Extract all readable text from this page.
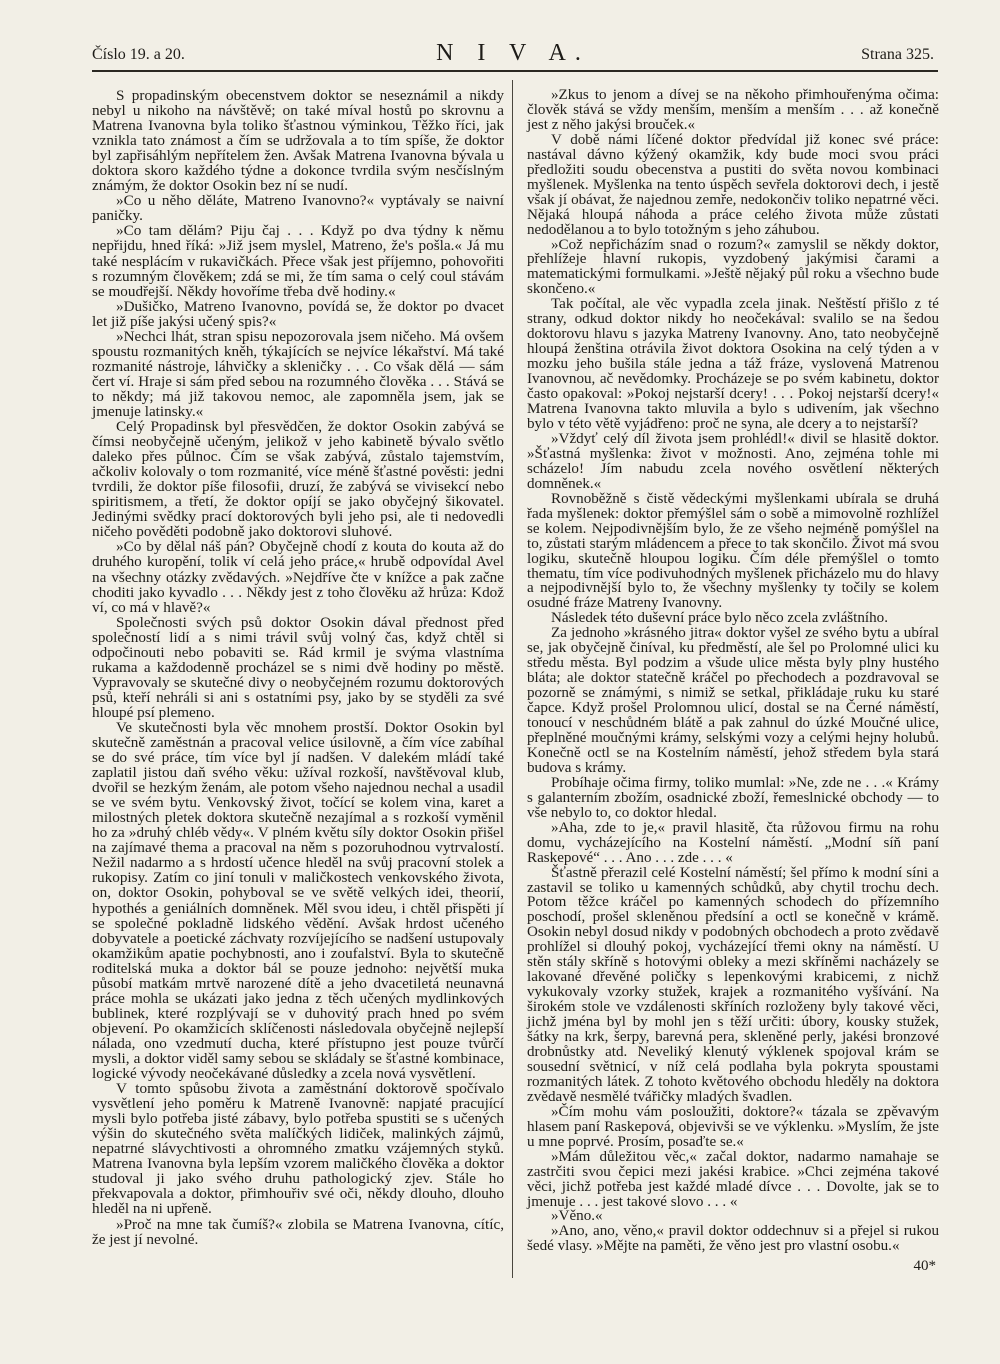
Číslo 19. a 20.	N I V A.	Strana 325.

S propadinským obecenstvem doktor se neseznámil a nikdy nebyl u nikoho na návštěvě; on také míval hostů po skrovnu a Matrena Ivanovna byla toliko šťastnou výminkou, Těžko říci, jak vznikla tato známost a čím se udržovala a to tím spíše, že doktor byl zapřisáhlým nepřítelem žen. Avšak Matrena Ivanovna bývala u doktora skoro každého týdne a dokonce tvrdila svým nesčíslným známým, že doktor Osokin bez ní se nudí.

»Co u něho děláte, Matreno Ivanovno?« vyptávaly se naivní paničky.

»Co tam dělám? Piju čaj . . . Když po dva týdny k němu nepřijdu, hned říká: »Již jsem myslel, Matreno, že's pošla.« Já mu také nesplácím v rukavičkách. Přece však jest příjemno, pohovořiti s rozumným člověkem; zdá se mi, že tím sama o celý coul stávám se moudřejší. Někdy hovoříme třeba dvě hodiny.«

»Dušičko, Matreno Ivanovno, povídá se, že doktor po dvacet let již píše jakýsi učený spis?«

»Nechci lhát, stran spisu nepozorovala jsem ničeho. Má ovšem spoustu rozmanitých kněh, týkajících se nejvíce lékařství. Má také rozmanité nástroje, láhvičky a skleničky . . . Co však dělá — sám čert ví. Hraje si sám před sebou na rozumného člověka . . . Stává se to někdy; má již takovou nemoc, ale zapomněla jsem, jak se jmenuje latinsky.«

Celý Propadinsk byl přesvědčen, že doktor Osokin zabývá se čímsi neobyčejně učeným, jelikož v jeho kabinetě bývalo světlo daleko přes půlnoc. Čím se však zabývá, zůstalo tajemstvím, ačkoliv kolovaly o tom rozmanité, více méně šťastné pověsti: jedni tvrdili, že doktor píše filosofii, druzí, že zabývá se vivisekcí nebo spiritismem, a třetí, že doktor opíjí se jako obyčejný šikovatel. Jedinými svědky prací doktorových byli jeho psi, ale ti nedovedli ničeho pověděti podobně jako doktorovi sluhové.

»Co by dělal náš pán? Obyčejně chodí z kouta do kouta až do druhého kuropění, tolik ví celá jeho práce,« hrubě odpovídal Avel na všechny otázky zvědavých. »Nejdříve čte v knížce a pak začne choditi jako kyvadlo . . . Někdy jest z toho člověku až hrůza: Kdož ví, co má v hlavě?«

Společnosti svých psů doktor Osokin dával přednost před společností lidí a s nimi trávil svůj volný čas, když chtěl si odpočinouti nebo pobaviti se. Rád krmil je svýma vlastníma rukama a každodenně procházel se s nimi dvě hodiny po městě. Vypravovaly se skutečné divy o neobyčejném rozumu doktorových psů, kteří nehráli si ani s ostatními psy, jako by se styděli za své hloupé psí plemeno.

Ve skutečnosti byla věc mnohem prostší. Doktor Osokin byl skutečně zaměstnán a pracoval velice úsilovně, a čím více zabíhal se do své práce, tím více byl jí nadšen. V dalekém mládí také zaplatil jistou daň svého věku: užíval rozkoší, navštěvoval klub, dvořil se hezkým ženám, ale potom všeho najednou nechal a usadil se ve svém bytu. Venkovský život, točící se kolem vina, karet a milostných pletek doktora skutečně nezajímal a s rozkoší vyměnil ho za »druhý chléb vědy«. V plném květu síly doktor Osokin přišel na zajímavé thema a pracoval na něm s pozoruhodnou vytrvalostí. Nežil nadarmo a s hrdostí učence hleděl na svůj pracovní stolek a rukopisy. Zatím co jiní tonuli v maličkostech venkovského života, on, doktor Osokin, pohyboval se ve světě velkých idei, theorií, hypothés a geniálních domněnek. Měl svou ideu, i chtěl přispěti jí se společné pokladně lidského vědění. Avšak hrdost učeného dobyvatele a poetické záchvaty rozvíjejícího se nadšení ustupovaly okamžikům apatie pochybnosti, ano i zoufalství. Byla to skutečně roditelská muka a doktor bál se pouze jednoho: největší muka působí matkám mrtvě narozené dítě a jeho dvacetiletá neunavná práce mohla se ukázati jako jedna z těch učených mydlinkových bublinek, které rozplývají se v duhovitý prach hned po svém objevení. Po okamžicích sklíčenosti následovala obyčejně nejlepší nálada, ono vzedmutí ducha, které přístupno jest pouze tvůrčí mysli, a doktor viděl samy sebou se skládaly se šťastné kombinace, logické vývody neočekávané důsledky a zcela nová vysvětlení.

V tomto spůsobu života a zaměstnání doktorově spočívalo vysvětlení jeho poměru k Matreně Ivanovně: napjaté pracující mysli bylo potřeba jisté zábavy, bylo potřeba spustiti se s učených výšin do skutečného světa malíčkých lidiček, malinkých zájmů, nepatrné slávychtivosti a ohromného zmatku vzájemných styků. Matrena Ivanovna byla lepším vzorem maličkého člověka a doktor studoval ji jako svého druhu pathologický zjev. Stále ho překvapovala a doktor, přimhouřiv své oči, někdy dlouho, dlouho hleděl na ni upřeně.

»Proč na mne tak čumíš?« zlobila se Matrena Ivanovna, cítíc, že jest jí nevolné.

»Zkus to jenom a dívej se na někoho přimhouřenýma očima: člověk stává se vždy menším, menším a menším . . . až konečně jest z něho jakýsi brouček.«

V době námi líčené doktor předvídal již konec své práce: nastával dávno kýžený okamžik, kdy bude moci svou práci předložiti soudu obecenstva a pustiti do světa novou kombinaci myšlenek. Myšlenka na tento úspěch sevřela doktorovi dech, i jestě však jí obávat, že najednou zemře, nedokončiv toliko nepatrné věci. Nějaká hloupá náhoda a práce celého života může zůstati nedodělanou a to bylo totožným s jeho záhubou.

»Což nepřicházím snad o rozum?« zamyslil se někdy doktor, přehlížeje hlavní rukopis, vyzdobený jakýmisi čarami a matematickými formulkami. »Ještě nějaký půl roku a všechno bude skončeno.«

Tak počítal, ale věc vypadla zcela jinak. Neštěstí přišlo z té strany, odkud doktor nikdy ho neočekával: svalilo se na šedou doktorovu hlavu s jazyka Matreny Ivanovny. Ano, tato neobyčejně hloupá ženština otrávila život doktora Osokina na celý týden a v mozku jeho bušila stále jedna a táž fráze, vyslovená Matrenou Ivanovnou, ač nevědomky. Procházeje se po svém kabinetu, doktor často opakoval: »Pokoj nejstarší dcery! . . . Pokoj nejstarší dcery!« Matrena Ivanovna takto mluvila a bylo s udivením, jak všechno bylo v této větě vyjádřeno: proč ne syna, ale dcery a to nejstarší?

»Vždyť celý díl života jsem prohlédl!« divil se hlasitě doktor. »Šťastná myšlenka: život v možnosti. Ano, zejména tohle mi scházelo! Jím nabudu zcela nového osvětlení některých domněnek.«

Rovnoběžně s čistě vědeckými myšlenkami ubírala se druhá řada myšlenek: doktor přemýšlel sám o sobě a mimovolně rozhlížel se kolem. Nejpodivnějším bylo, že ze všeho nejméně pomýšlel na to, zůstati starým mládencem a přece to tak skončilo. Život má svou logiku, skutečně hloupou logiku. Čím déle přemýšlel o tomto thematu, tím více podivuhodných myšlenek přicházelo mu do hlavy a nejpodivnější bylo to, že všechny myšlenky ty točily se kolem osudné fráze Matreny Ivanovny.

Následek této duševní práce bylo něco zcela zvláštního.

Za jednoho »krásného jitra« doktor vyšel ze svého bytu a ubíral se, jak obyčejně činíval, ku předměstí, ale šel po Prolomné ulici ku středu města. Byl podzim a všude ulice města byly plny hustého bláta; ale doktor statečně kráčel po přechodech a pozdravoval se pozorně se známými, s nimiž se setkal, přikládaje ruku ku staré čapce. Když prošel Prolomnou ulicí, dostal se na Černé náměstí, tonoucí v neschůdném blátě a pak zahnul do úzké Moučné ulice, přeplněné moučnými krámy, selskými vozy a celými hejny holubů. Konečně octl se na Kostelním náměstí, jehož středem byla stará budova s krámy.

Probíhaje očima firmy, toliko mumlal: »Ne, zde ne . . .« Krámy s galanterním zbožím, osadnické zboží, řemeslnické obchody — to vše nebylo to, co doktor hledal.

»Aha, zde to je,« pravil hlasitě, čta růžovou firmu na rohu domu, vycházejícího na Kostelní náměstí. „Modní síň paní Raskepové“ . . . Ano . . . zde . . . «

Šťastně přerazil celé Kostelní náměstí; šel přímo k modní síni a zastavil se toliko u kamenných schůdků, aby chytil trochu dech. Potom těžce kráčel po kamenných schodech do přízemního poschodí, prošel skleněnou předsíní a octl se konečně v krámě. Osokin nebyl dosud nikdy v podobných obchodech a proto zvědavě prohlížel si dlouhý pokoj, vycházející třemi okny na náměstí. U stěn stály skříně s hotovými obleky a mezi skříněmi nacházely se lakované dřevěné poličky s lepenkovými krabicemi, z nichž vykukovaly vzorky stužek, krajek a rozmanitého vyšívání. Na širokém stole ve vzdálenosti skříních rozloženy byly takové věci, jichž jména byl by mohl jen s těží určiti: úbory, kousky stužek, šátky na krk, šerpy, barevná pera, skleněné perly, jakési bronzové drobnůstky atd. Neveliký klenutý výklenek spojoval krám se sousední světnicí, v níž celá podlaha byla pokryta spoustami rozmanitých látek. Z tohoto květového obchodu hleděly na doktora zvědavě nesmělé tvářičky mladých švadlen.

»Čím mohu vám posloužiti, doktore?« tázala se zpěvavým hlasem paní Raskepová, objevivši se ve výklenku. »Myslím, že jste u mne poprvé. Prosím, posaďte se.«

»Mám důležitou věc,« začal doktor, nadarmo namahaje se zastrčiti svou čepici mezi jakési krabice. »Chci zejména takové věci, jichž potřeba jest každé mladé dívce . . . Dovolte, jak se to jmenuje . . . jest takové slovo . . . «

»Věno.«

»Ano, ano, věno,« pravil doktor oddechnuv si a přejel si rukou šedé vlasy. »Mějte na paměti, že věno jest pro vlastní osobu.«

40*
